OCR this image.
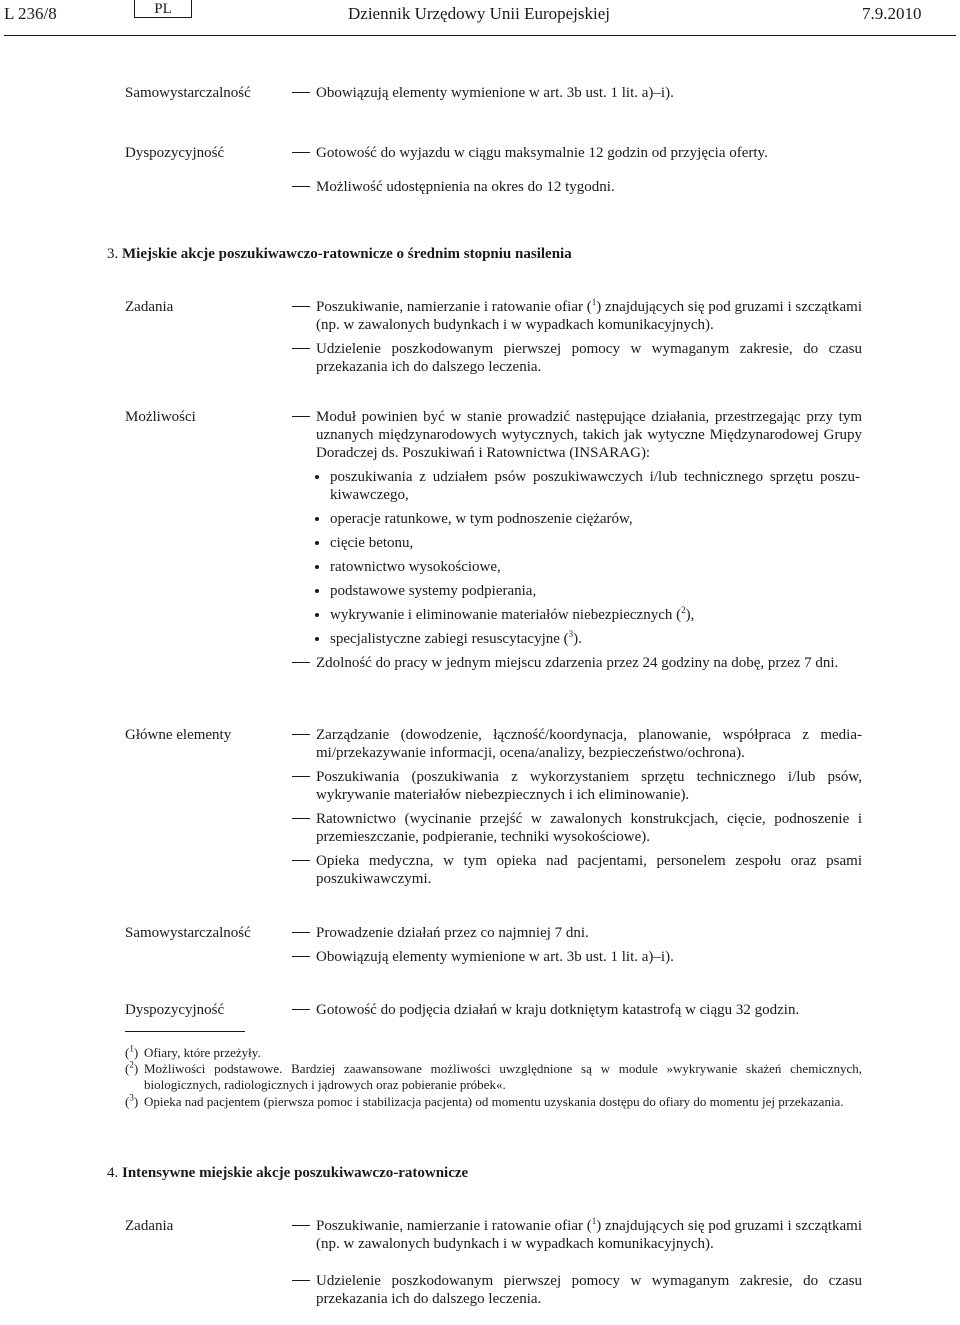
L 236/8	PL	Dziennik Urzędowy Unii Europejskiej	7.9.2010
Samowystarczalność	Obowiązują elementy wymienione w art. 3b ust. 1 lit. a)–i).
Dyspozycyjność	Gotowość do wyjazdu w ciągu maksymalnie 12 godzin od przyjęcia oferty.
Możliwość udostępnienia na okres do 12 tygodni.
3. Miejskie akcje poszukiwawczo-ratownicze o średnim stopniu nasilenia
Zadania	Poszukiwanie, namierzanie i ratowanie ofiar ($^1$) znajdujących się pod gruzami i szczątkami (np. w zawalonych budynkach i w wypadkach komunikacyjnych).
Udzielenie poszkodowanym pierwszej pomocy w wymaganym zakresie, do czasu przekazania ich do dalszego leczenia.
Możliwości	Moduł powinien być w stanie prowadzić następujące działania, przestrzegając przy tym uznanych międzynarodowych wytycznych, takich jak wytyczne Międzynarodowej Grupy Doradczej ds. Poszukiwań i Ratownictwa (INSARAG):
poszukiwania z udziałem psów poszukiwawczych i/lub technicznego sprzętu poszukiwawczego,
operacje ratunkowe, w tym podnoszenie ciężarów,
cięcie betonu,
ratownictwo wysokościowe,
podstawowe systemy podpierania,
wykrywanie i eliminowanie materiałów niebezpiecznych ($^2$),
specjalistyczne zabiegi resuscytacyjne ($^3$).
Zdolność do pracy w jednym miejscu zdarzenia przez 24 godziny na dobę, przez 7 dni.
Główne elementy	Zarządzanie (dowodzenie, łączność/koordynacja, planowanie, współpraca z mediami/przekazywanie informacji, ocena/analizy, bezpieczeństwo/ochrona).
Poszukiwania (poszukiwania z wykorzystaniem sprzętu technicznego i/lub psów, wykrywanie materiałów niebezpiecznych i ich eliminowanie).
Ratownictwo (wycinanie przejść w zawalonych konstrukcjach, cięcie, podnoszenie i przemieszczanie, podpieranie, techniki wysokościowe).
Opieka medyczna, w tym opieka nad pacjentami, personelem zespołu oraz psami poszukiwawczymi.
Samowystarczalność	Prowadzenie działań przez co najmniej 7 dni.
Obowiązują elementy wymienione w art. 3b ust. 1 lit. a)–i).
Dyspozycyjność	Gotowość do podjęcia działań w kraju dotkniętym katastrofą w ciągu 32 godzin.
($^1$) Ofiary, które przeżyły.
($^2$) Możliwości podstawowe. Bardziej zaawansowane możliwości uwzględnione są w module »wykrywanie skażeń chemicznych, biologicznych, radiologicznych i jądrowych oraz pobieranie próbek«.
($^3$) Opieka nad pacjentem (pierwsza pomoc i stabilizacja pacjenta) od momentu uzyskania dostępu do ofiary do momentu jej przekazania.
4. Intensywne miejskie akcje poszukiwawczo-ratownicze
Zadania	Poszukiwanie, namierzanie i ratowanie ofiar ($^1$) znajdujących się pod gruzami i szczątkami (np. w zawalonych budynkach i w wypadkach komunikacyjnych).
Udzielenie poszkodowanym pierwszej pomocy w wymaganym zakresie, do czasu przekazania ich do dalszego leczenia.
